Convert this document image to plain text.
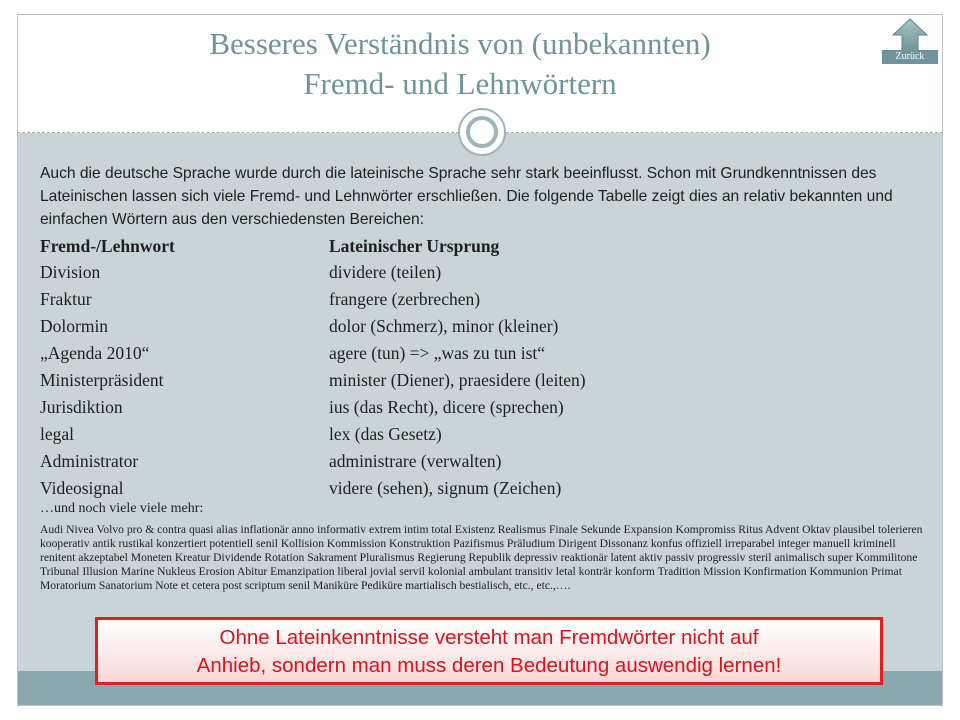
Besseres Verständnis von (unbekannten)
Fremd- und Lehnwörtern
Zurück

Auch die deutsche Sprache wurde durch die lateinische Sprache sehr stark beeinflusst. Schon mit Grundkenntnissen des Lateinischen lassen sich viele Fremd- und Lehnwörter erschließen. Die folgende Tabelle zeigt dies an relativ bekannten und einfachen Wörtern aus den verschiedensten Bereichen:

Fremd-/Lehnwort	Lateinischer Ursprung
Division	dividere (teilen)
Fraktur	frangere (zerbrechen)
Dolormin	dolor (Schmerz), minor (kleiner)
„Agenda 2010“	agere (tun) => „was zu tun ist“
Ministerpräsident	minister (Diener), praesidere (leiten)
Jurisdiktion	ius (das Recht), dicere (sprechen)
legal	lex (das Gesetz)
Administrator	administrare (verwalten)
Videosignal	videre (sehen), signum (Zeichen)
…und noch viele viele mehr:

Audi Nivea Volvo pro & contra quasi alias inflationär anno informativ extrem intim total Existenz Realismus Finale Sekunde Expansion Kompromiss Ritus Advent Oktav plausibel tolerieren kooperativ antik rustikal konzertiert potentiell senil Kollision Kommission Konstruktion Pazifismus Präludium Dirigent Dissonanz konfus offiziell irreparabel integer manuell kriminell renitent akzeptabel Moneten Kreatur Dividende Rotation Sakrament Pluralismus Regierung Republik depressiv reaktionär latent aktiv passiv progressiv steril animalisch super Kommilitone Tribunal Illusion Marine Nukleus Erosion Abitur Emanzipation liberal jovial servil kolonial ambulant transitiv letal konträr konform Tradition Mission Konfirmation Kommunion Primat Moratorium Sanatorium Note et cetera post scriptum senil Maniküre Pediküre martialisch bestialisch, etc., etc.,….

Ohne Lateinkenntnisse versteht man Fremdwörter nicht auf
Anhieb, sondern man muss deren Bedeutung auswendig lernen!
